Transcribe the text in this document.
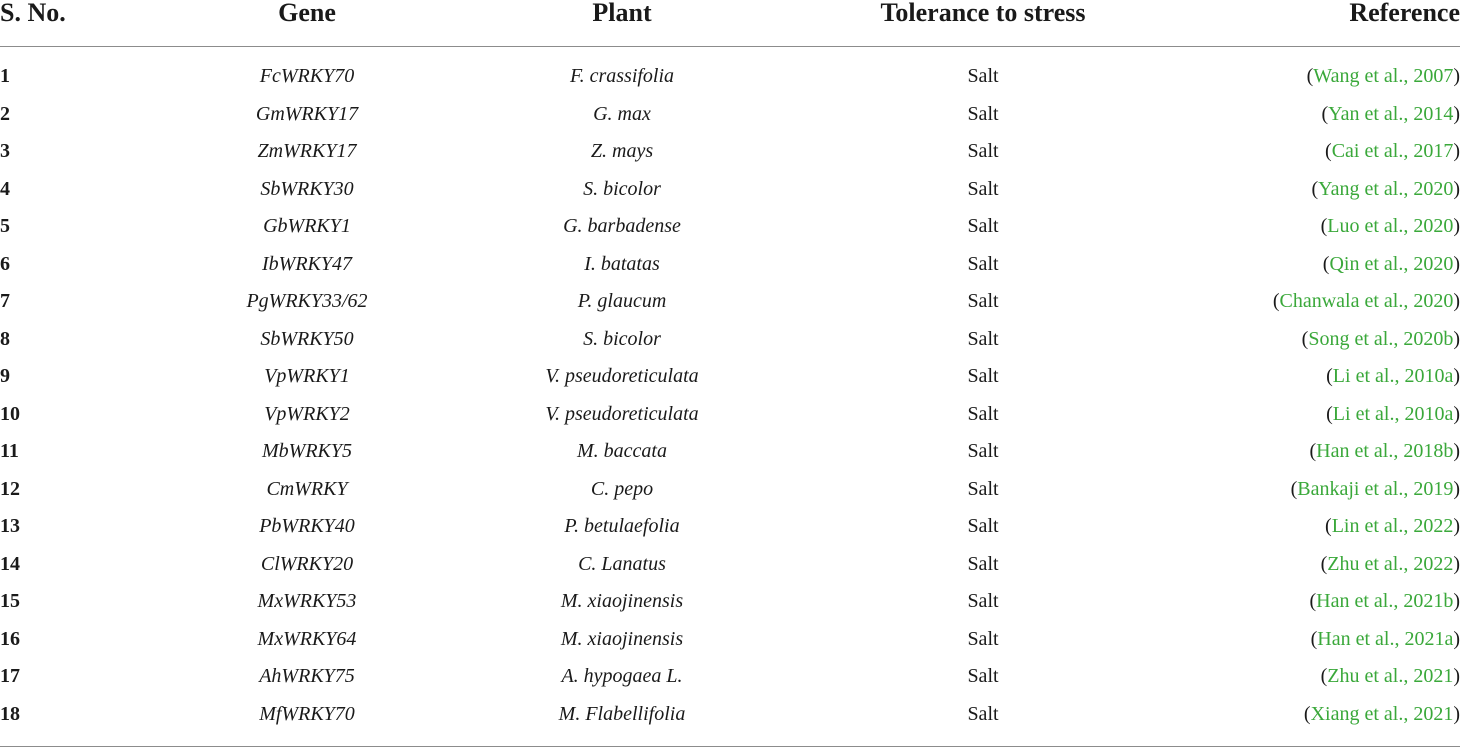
S. No.	Gene	Plant	Tolerance to stress	Reference
1	FcWRKY70	F. crassifolia	Salt	(Wang et al., 2007)
2	GmWRKY17	G. max	Salt	(Yan et al., 2014)
3	ZmWRKY17	Z. mays	Salt	(Cai et al., 2017)
4	SbWRKY30	S. bicolor	Salt	(Yang et al., 2020)
5	GbWRKY1	G. barbadense	Salt	(Luo et al., 2020)
6	IbWRKY47	I. batatas	Salt	(Qin et al., 2020)
7	PgWRKY33/62	P. glaucum	Salt	(Chanwala et al., 2020)
8	SbWRKY50	S. bicolor	Salt	(Song et al., 2020b)
9	VpWRKY1	V. pseudoreticulata	Salt	(Li et al., 2010a)
10	VpWRKY2	V. pseudoreticulata	Salt	(Li et al., 2010a)
11	MbWRKY5	M. baccata	Salt	(Han et al., 2018b)
12	CmWRKY	C. pepo	Salt	(Bankaji et al., 2019)
13	PbWRKY40	P. betulaefolia	Salt	(Lin et al., 2022)
14	ClWRKY20	C. Lanatus	Salt	(Zhu et al., 2022)
15	MxWRKY53	M. xiaojinensis	Salt	(Han et al., 2021b)
16	MxWRKY64	M. xiaojinensis	Salt	(Han et al., 2021a)
17	AhWRKY75	A. hypogaea L.	Salt	(Zhu et al., 2021)
18	MfWRKY70	M. Flabellifolia	Salt	(Xiang et al., 2021)
